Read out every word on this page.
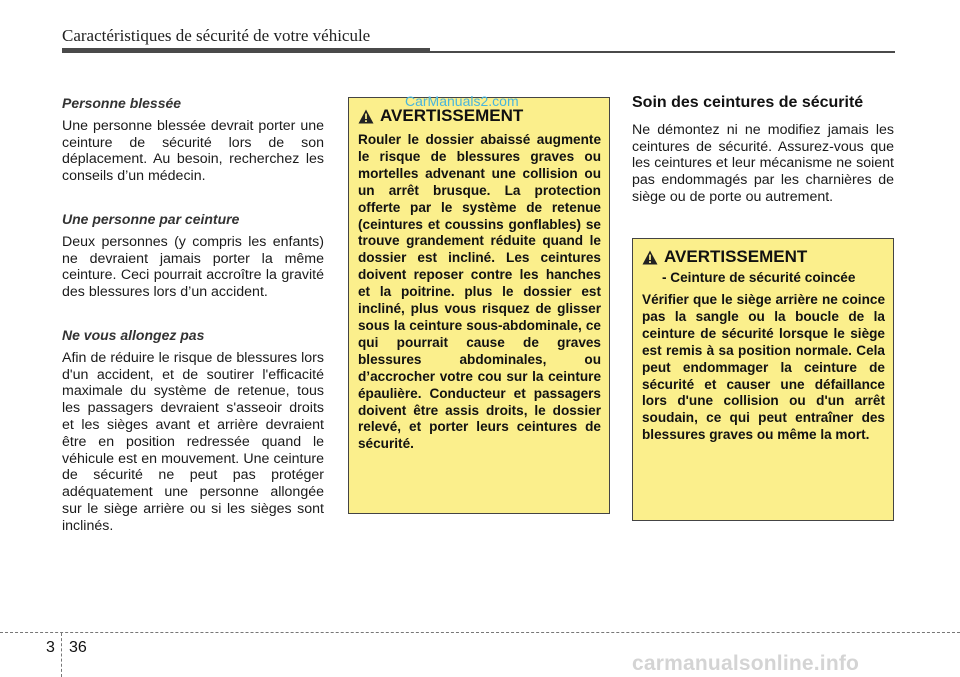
Caractéristiques de sécurité de votre véhicule
Personne blessée
Une personne blessée devrait porter une ceinture de sécurité lors de son déplacement. Au besoin, recherchez les conseils d’un médecin.
Une personne par ceinture
Deux personnes (y compris les enfants) ne devraient jamais porter la même ceinture. Ceci pourrait accroître la gravité des blessures lors d’un accident.
Ne vous allongez pas
Afin de réduire le risque de blessures lors d'un accident, et de soutirer l'efficacité maximale du système de retenue, tous les passagers devraient s'asseoir droits et les sièges avant et arrière devraient être en position redressée quand le véhicule est en mouvement. Une ceinture de sécurité ne peut pas protéger adéquatement une personne allongée sur le siège arrière ou si les sièges sont inclinés.
AVERTISSEMENT
Rouler le dossier abaissé augmente le risque de blessures graves ou mortelles advenant une collision ou un arrêt brusque. La protection offerte par le système de retenue (ceintures et coussins gonflables) se trouve grandement réduite quand le dossier est incliné. Les ceintures doivent reposer contre les hanches et la poitrine. plus le dossier est incliné, plus vous risquez de glisser sous la ceinture sous-abdominale, ce qui pourrait cause de graves blessures abdominales, ou d’accrocher votre cou sur la ceinture épaulière. Conducteur et passagers doivent être assis droits, le dossier relevé, et porter leurs ceintures de sécurité.
CarManuals2.com	Soin des ceintures de sécurité
Ne démontez ni ne modifiez jamais les ceintures de sécurité. Assurez-vous que les ceintures et leur mécanisme ne soient pas endommagés par les charnières de siège ou de porte ou autrement.
AVERTISSEMENT
- Ceinture de sécurité coincée
Vérifier que le siège arrière ne coince pas la sangle ou la boucle de la ceinture de sécurité lorsque le siège est remis à sa position normale. Cela peut endommager la ceinture de sécurité et causer une défaillance lors d'une collision ou d'un arrêt soudain, ce qui peut entraîner des blessures graves ou même la mort.
3 36
carmanualsonline.info
